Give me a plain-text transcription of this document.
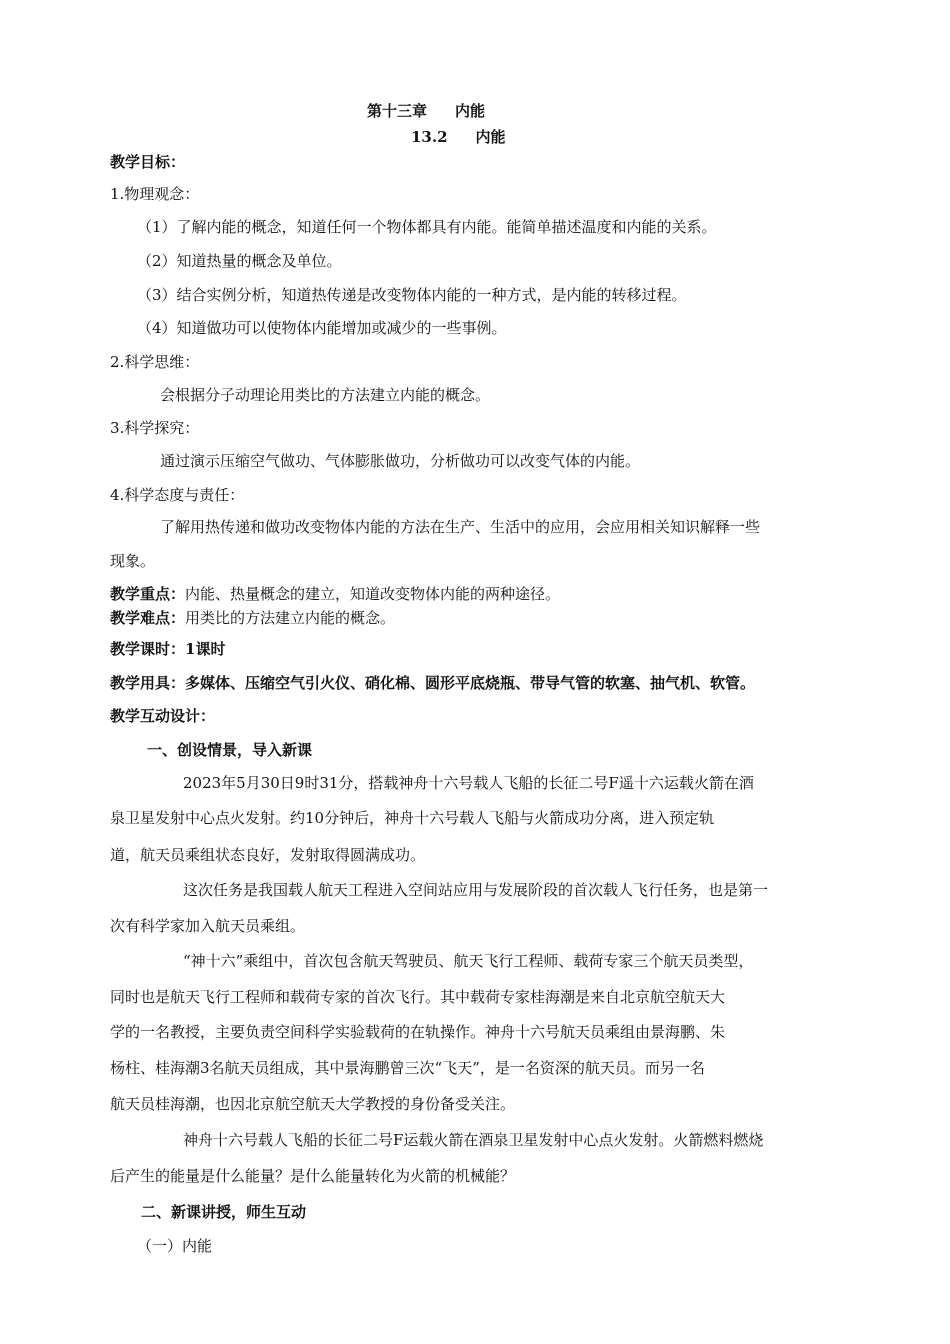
第十三章 内能
13.2 内能
教学目标：
1.物理观念：
（1）了解内能的概念，知道任何一个物体都具有内能。能简单描述温度和内能的关系。
（2）知道热量的概念及单位。
（3）结合实例分析，知道热传递是改变物体内能的一种方式，是内能的转移过程。
（4）知道做功可以使物体内能增加或减少的一些事例。
2.科学思维：
会根据分子动理论用类比的方法建立内能的概念。
3.科学探究：
通过演示压缩空气做功、气体膨胀做功，分析做功可以改变气体的内能。
4.科学态度与责任：
了解用热传递和做功改变物体内能的方法在生产、生活中的应用，会应用相关知识解释一些
现象。
教学重点：内能、热量概念的建立，知道改变物体内能的两种途径。
教学难点：用类比的方法建立内能的概念。
教学课时：1课时
教学用具：多媒体、压缩空气引火仪、硝化棉、圆形平底烧瓶、带导气管的软塞、抽气机、软管。
教学互动设计：
一、创设情景，导入新课
2023年5月30日9时31分，搭载神舟十六号载人飞船的长征二号F遥十六运载火箭在酒
泉卫星发射中心点火发射。约10分钟后，神舟十六号载人飞船与火箭成功分离，进入预定轨
道，航天员乘组状态良好，发射取得圆满成功。
这次任务是我国载人航天工程进入空间站应用与发展阶段的首次载人飞行任务，也是第一
次有科学家加入航天员乘组。
“神十六”乘组中，首次包含航天驾驶员、航天飞行工程师、载荷专家三个航天员类型，
同时也是航天飞行工程师和载荷专家的首次飞行。其中载荷专家桂海潮是来自北京航空航天大
学的一名教授，主要负责空间科学实验载荷的在轨操作。神舟十六号航天员乘组由景海鹏、朱
杨柱、桂海潮3名航天员组成，其中景海鹏曾三次“飞天”，是一名资深的航天员。而另一名
航天员桂海潮，也因北京航空航天大学教授的身份备受关注。
神舟十六号载人飞船的长征二号F运载火箭在酒泉卫星发射中心点火发射。火箭燃料燃烧
后产生的能量是什么能量？是什么能量转化为火箭的机械能？
二、新课讲授，师生互动
（一）内能
